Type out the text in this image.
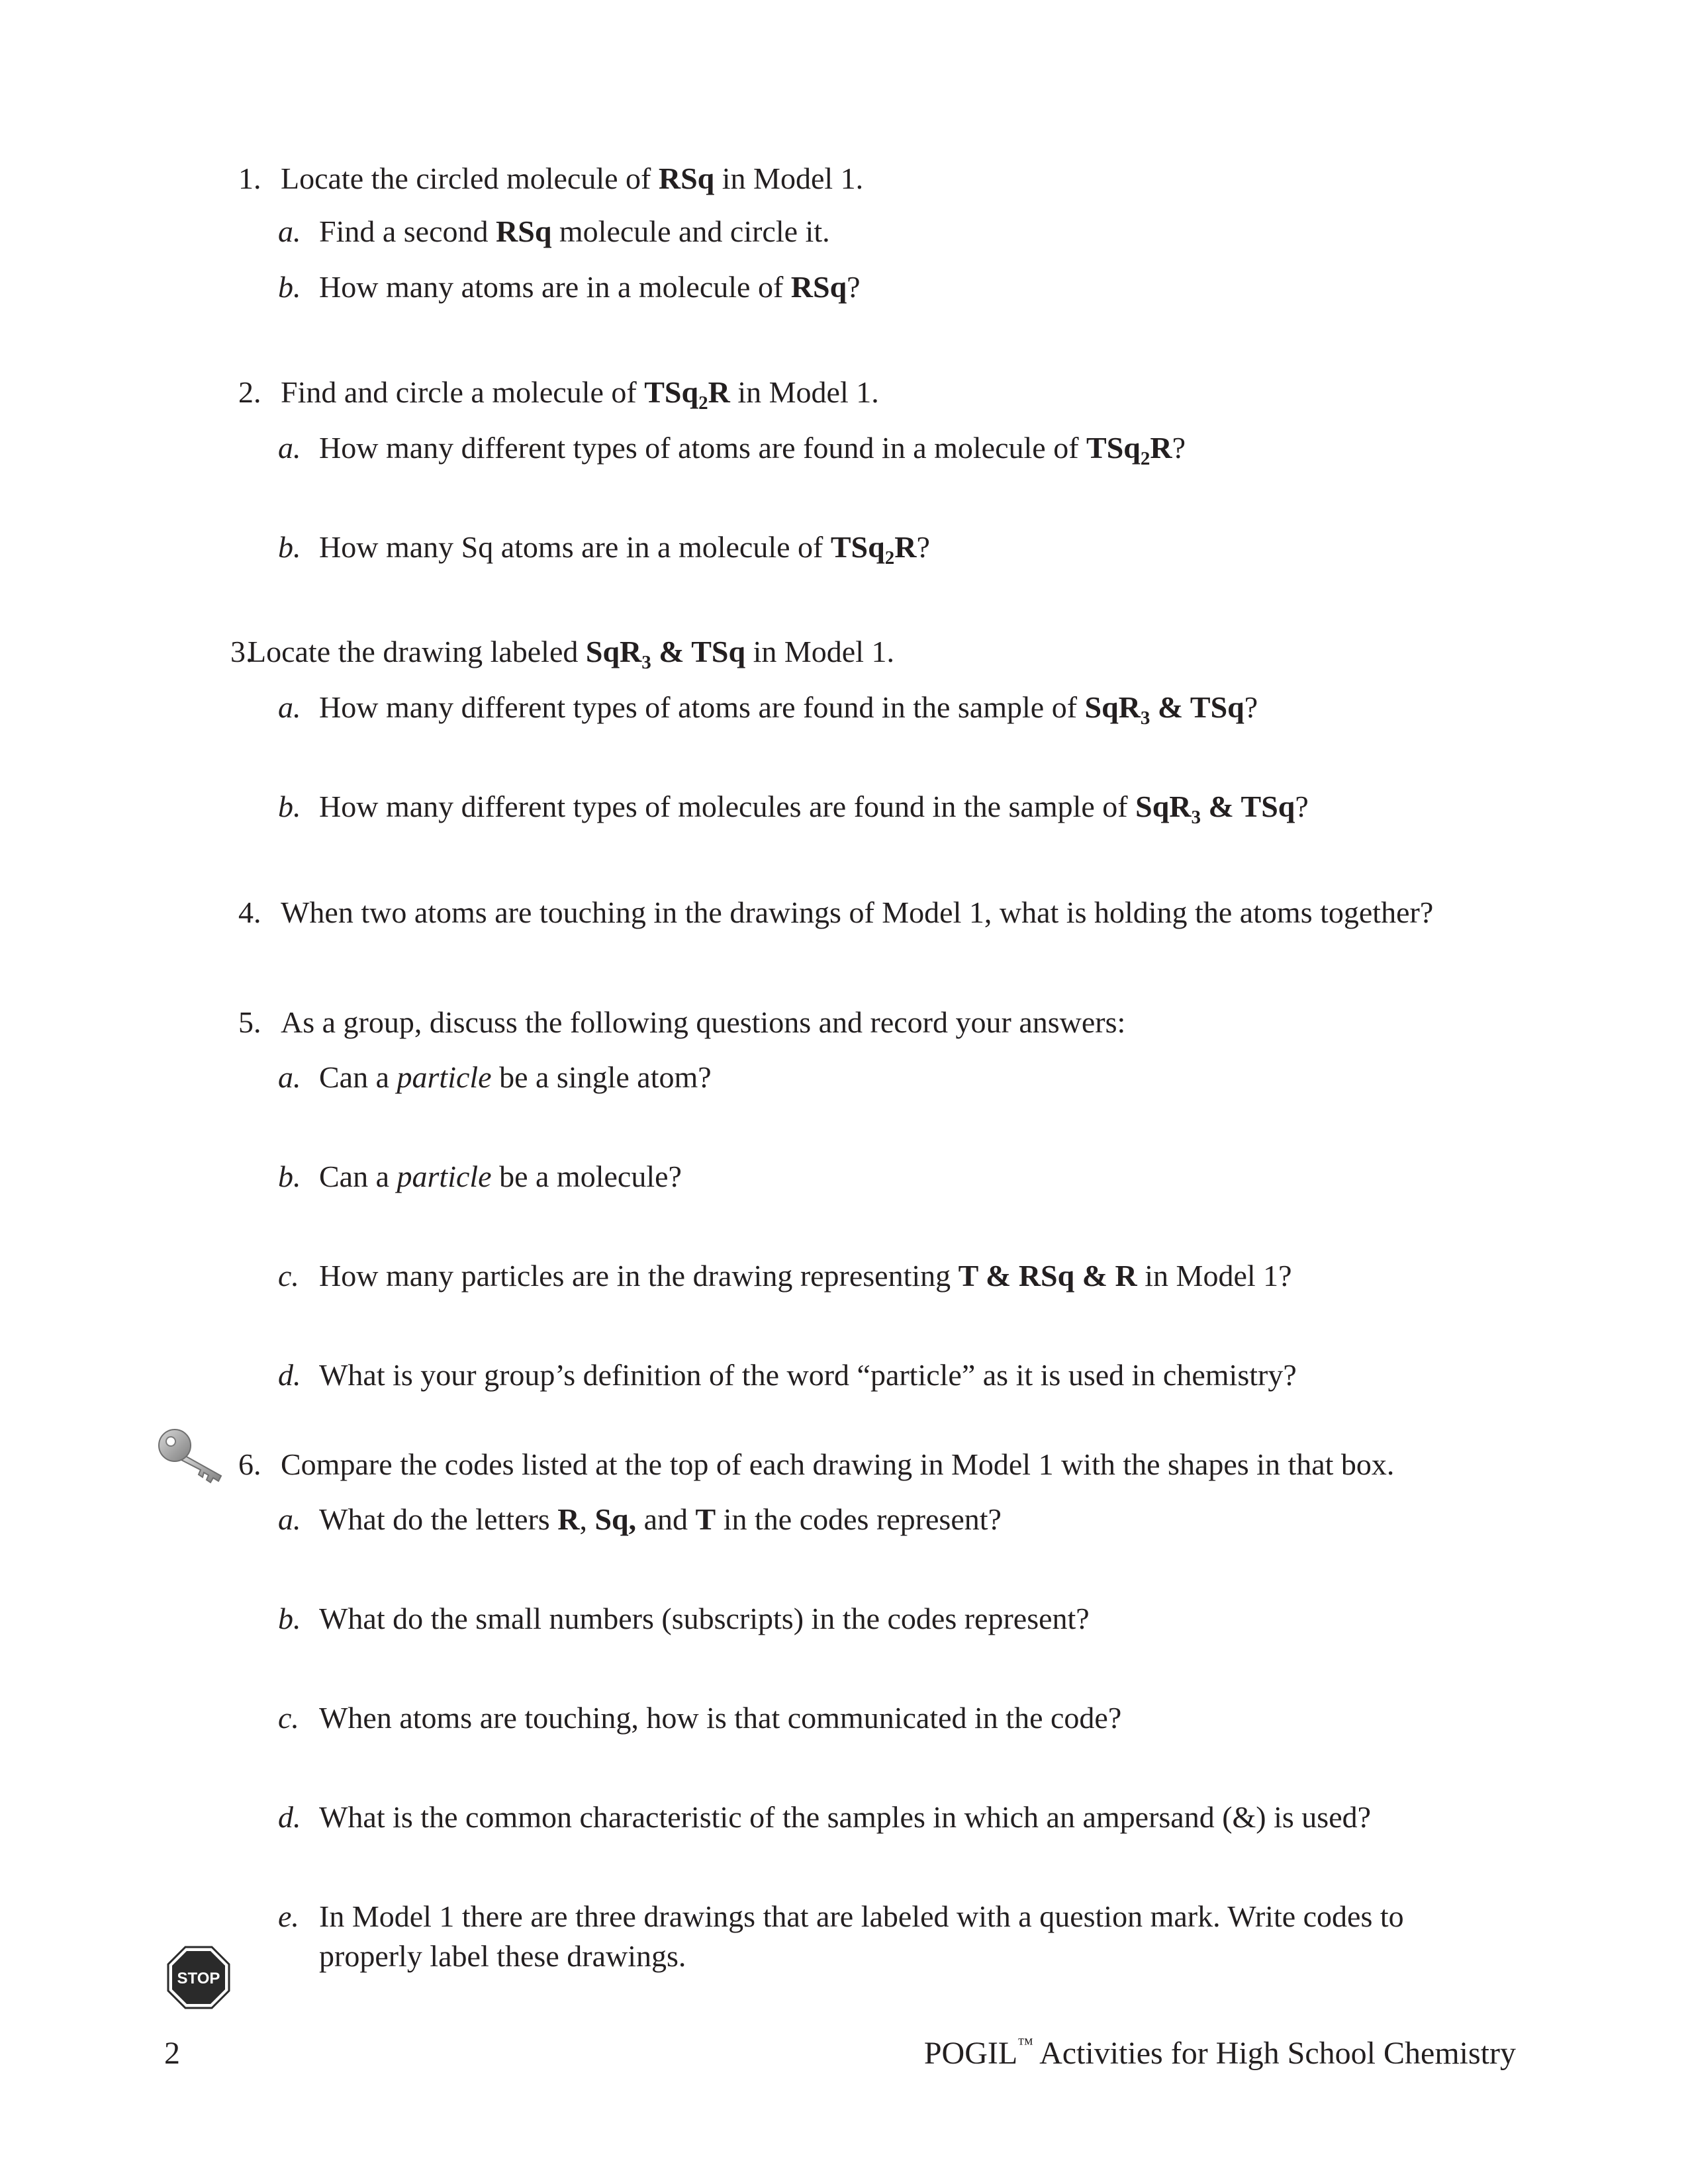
1. Locate the circled molecule of RSq in Model 1.
a. Find a second RSq molecule and circle it.
b. How many atoms are in a molecule of RSq?
2. Find and circle a molecule of TSq$_2$R in Model 1.
a. How many different types of atoms are found in a molecule of TSq$_2$R?
b. How many Sq atoms are in a molecule of TSq$_2$R?
3.Locate the drawing labeled SqR$_3$ & TSq in Model 1.
a. How many different types of atoms are found in the sample of SqR$_3$ & TSq?
b. How many different types of molecules are found in the sample of SqR$_3$ & TSq?
4. When two atoms are touching in the drawings of Model 1, what is holding the atoms together?
5. As a group, discuss the following questions and record your answers:
a. Can a particle be a single atom?
b. Can a particle be a molecule?
c. How many particles are in the drawing representing T & RSq & R in Model 1?
d. What is your group’s definition of the word “particle” as it is used in chemistry?
6. Compare the codes listed at the top of each drawing in Model 1 with the shapes in that box.
a. What do the letters R, Sq, and T in the codes represent?
b. What do the small numbers (subscripts) in the codes represent?
c. When atoms are touching, how is that communicated in the code?
d. What is the common characteristic of the samples in which an ampersand (&) is used?
e. In Model 1 there are three drawings that are labeled with a question mark. Write codes to
properly label these drawings.
STOP
2	POGIL™ Activities for High School Chemistry
